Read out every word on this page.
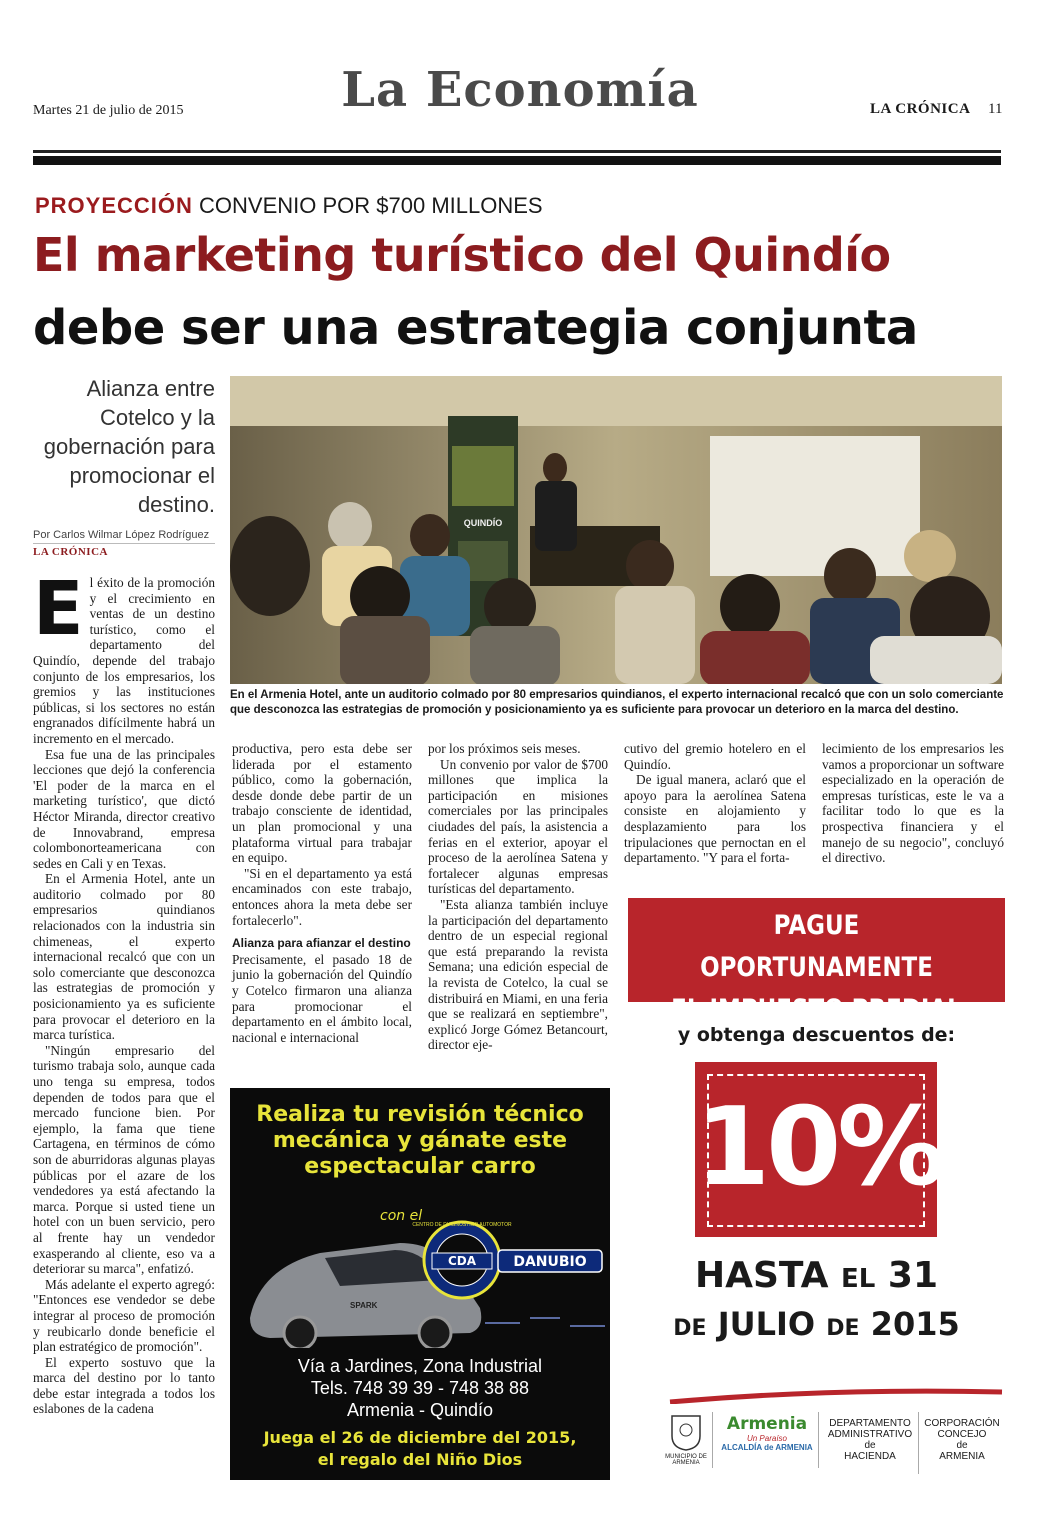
Martes 21 de julio de 2015	La Economía	LA CRÓNICA 11
PROYECCIÓN CONVENIO POR $700 MILLONES
El marketing turístico del Quindío
debe ser una estrategia conjunta
Alianza entre Cotelco y la gobernación para promocionar el destino.
Por Carlos Wilmar López Rodríguez
LA CRÓNICA
QUINDÍO
En el Armenia Hotel, ante un auditorio colmado por 80 empresarios quindianos, el experto internacional recalcó que con un solo comerciante que desconozca las estrategias de promoción y posicionamiento ya es suficiente para provocar un deterioro en la marca del destino.

El éxito de la promoción y el crecimiento en ventas de un destino turístico, como el departamento del Quindío, depende del trabajo conjunto de los empresarios, los gremios y las instituciones públicas, si los sectores no están engranados difícilmente habrá un incremento en el mercado.

Esa fue una de las principales lecciones que dejó la conferencia 'El poder de la marca en el marketing turístico', que dictó Héctor Miranda, director creativo de Innovabrand, empresa colombonorteamericana con sedes en Cali y en Texas.

En el Armenia Hotel, ante un auditorio colmado por 80 empresarios quindianos relacionados con la industria sin chimeneas, el experto internacional recalcó que con un solo comerciante que desconozca las estrategias de promoción y posicionamiento ya es suficiente para provocar el deterioro en la marca turística.

"Ningún empresario del turismo trabaja solo, aunque cada uno tenga su empresa, todos dependen de todos para que el mercado funcione bien. Por ejemplo, la fama que tiene Cartagena, en términos de cómo son de aburridoras algunas playas públicas por el azare de los vendedores ya está afectando la marca. Porque si usted tiene un hotel con un buen servicio, pero al frente hay un vendedor exasperando al cliente, eso va a deteriorar su marca", enfatizó.

Más adelante el experto agregó: "Entonces ese vendedor se debe integrar al proceso de promoción y reubicarlo donde beneficie el plan estratégico de promoción".

El experto sostuvo que la marca del destino por lo tanto debe estar integrada a todos los eslabones de la cadena

productiva, pero esta debe ser liderada por el estamento público, como la gobernación, desde donde debe partir de un trabajo consciente de identidad, un plan promocional y una plataforma virtual para trabajar en equipo.

"Si en el departamento ya está encaminados con este trabajo, entonces ahora la meta debe ser fortalecerlo".

Alianza para afianzar el destino

Precisamente, el pasado 18 de junio la gobernación del Quindío y Cotelco firmaron una alianza para promocionar el departamento en el ámbito local, nacional e internacional

por los próximos seis meses.

Un convenio por valor de $700 millones que implica la participación en misiones comerciales por las principales ciudades del país, la asistencia a ferias en el exterior, apoyar el proceso de la aerolínea Satena y fortalecer algunas empresas turísticas del departamento.

"Esta alianza también incluye la participación del departamento dentro de un especial regional que está preparando la revista Semana; una edición especial de la revista de Cotelco, la cual se distribuirá en Miami, en una feria que se realizará en septiembre", explicó Jorge Gómez Betancourt, director eje-

cutivo del gremio hotelero en el Quindío.

De igual manera, aclaró que el apoyo para la aerolínea Satena consiste en alojamiento y desplazamiento para los tripulaciones que pernoctan en el departamento. "Y para el forta-

lecimiento de los empresarios les vamos a proporcionar un software especializado en la operación de empresas turísticas, este le va a facilitar todo lo que es la prospectiva financiera y el manejo de su negocio", concluyó el directivo.

Realiza tu revisión técnico
mecánica y gánate este
espectacular carro
con el
SPARK
CENTRO DE DIAGNÓSTICO AUTOMOTOR
CDA	DANUBIO
Vía a Jardines, Zona Industrial
Tels. 748 39 39 - 748 38 88
Armenia - Quindío
Juega el 26 de diciembre del 2015,
el regalo del Niño Dios
PAGUE OPORTUNAMENTE
EL IMPUESTO PREDIAL
y obtenga descuentos de:
10%
HASTA EL 31
DE JULIO DE 2015
MUNICIPIO DE ARMENIA
Armenia
Un Paraíso
ALCALDÍA de ARMENIA
DEPARTAMENTO
ADMINISTRATIVO
de
HACIENDA
CORPORACIÓN
CONCEJO
de
ARMENIA
